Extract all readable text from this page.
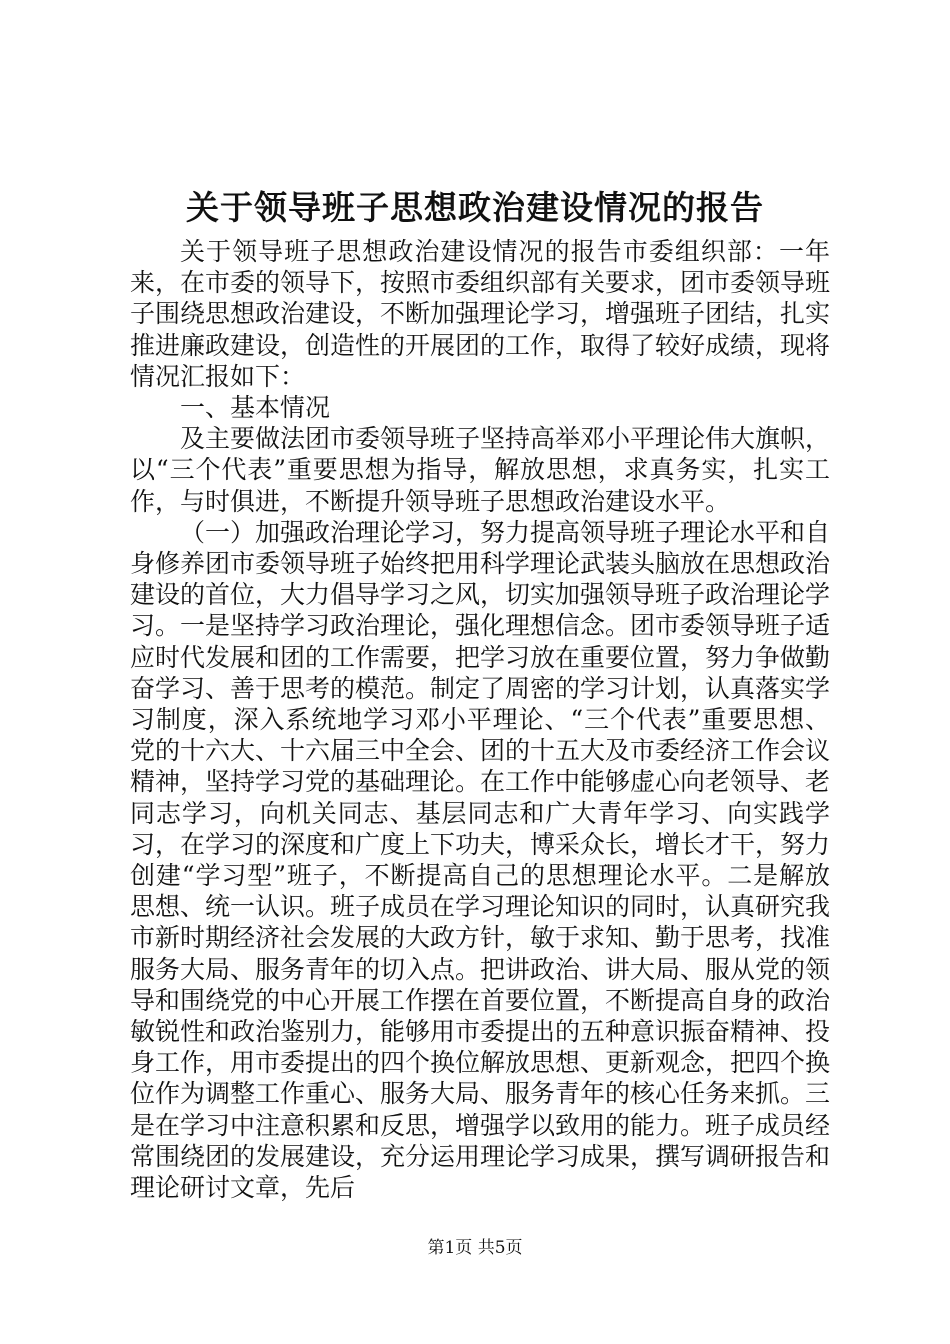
关于领导班子思想政治建设情况的报告

关于领导班子思想政治建设情况的报告市委组织部：一年来，在市委的领导下，按照市委组织部有关要求，团市委领导班子围绕思想政治建设，不断加强理论学习，增强班子团结，扎实推进廉政建设，创造性的开展团的工作，取得了较好成绩，现将情况汇报如下：

一、基本情况

及主要做法团市委领导班子坚持高举邓小平理论伟大旗帜，以“三个代表”重要思想为指导，解放思想，求真务实，扎实工作，与时俱进，不断提升领导班子思想政治建设水平。

（一）加强政治理论学习，努力提高领导班子理论水平和自身修养团市委领导班子始终把用科学理论武装头脑放在思想政治建设的首位，大力倡导学习之风，切实加强领导班子政治理论学习。一是坚持学习政治理论，强化理想信念。团市委领导班子适应时代发展和团的工作需要，把学习放在重要位置，努力争做勤奋学习、善于思考的模范。制定了周密的学习计划，认真落实学习制度，深入系统地学习邓小平理论、“三个代表”重要思想、党的十六大、十六届三中全会、团的十五大及市委经济工作会议精神，坚持学习党的基础理论。在工作中能够虚心向老领导、老同志学习，向机关同志、基层同志和广大青年学习、向实践学习，在学习的深度和广度上下功夫，博采众长，增长才干，努力创建“学习型”班子，不断提高自己的思想理论水平。二是解放思想、统一认识。班子成员在学习理论知识的同时，认真研究我市新时期经济社会发展的大政方针，敏于求知、勤于思考，找准服务大局、服务青年的切入点。把讲政治、讲大局、服从党的领导和围绕党的中心开展工作摆在首要位置，不断提高自身的政治敏锐性和政治鉴别力，能够用市委提出的五种意识振奋精神、投身工作，用市委提出的四个换位解放思想、更新观念，把四个换位作为调整工作重心、服务大局、服务青年的核心任务来抓。三是在学习中注意积累和反思，增强学以致用的能力。班子成员经常围绕团的发展建设，充分运用理论学习成果，撰写调研报告和理论研讨文章，先后

第1页 共5页
